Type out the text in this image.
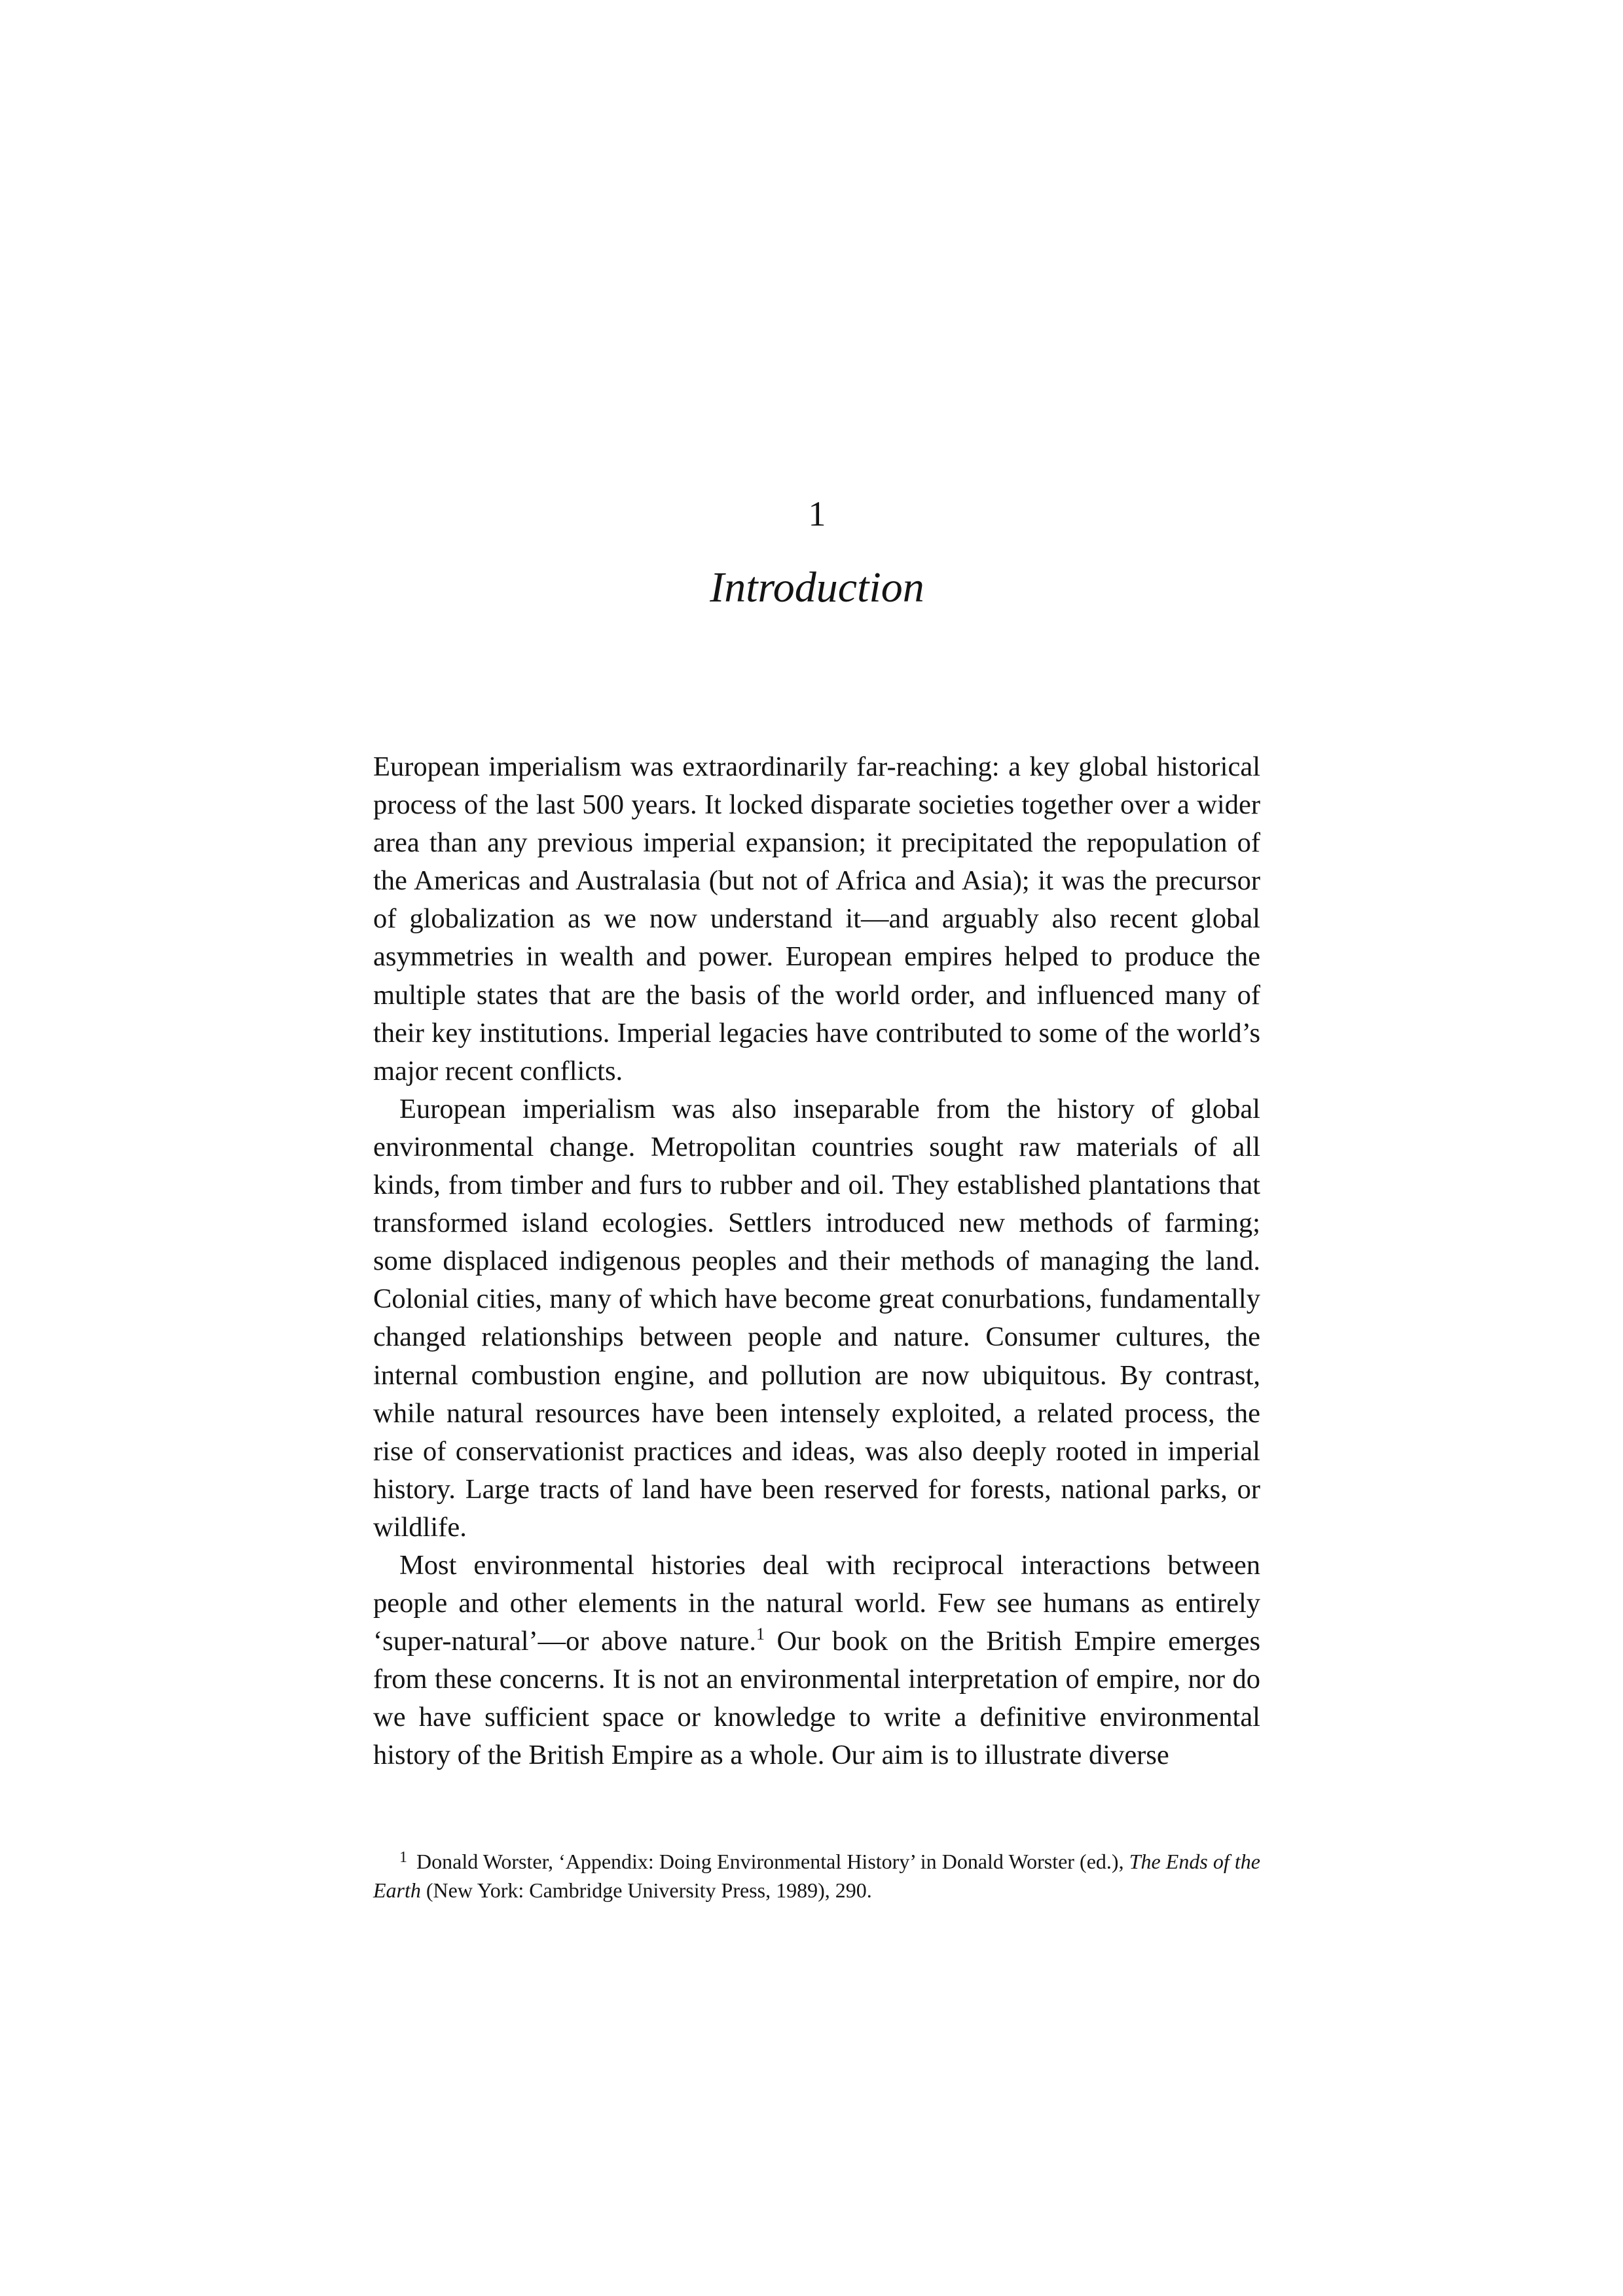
1
Introduction

European imperialism was extraordinarily far-reaching: a key global historical process of the last 500 years. It locked disparate societies together over a wider area than any previous imperial expansion; it precipitated the repopulation of the Americas and Australasia (but not of Africa and Asia); it was the precursor of globalization as we now understand it—and arguably also recent global asymmetries in wealth and power. European empires helped to produce the multiple states that are the basis of the world order, and influenced many of their key institutions. Imperial legacies have contributed to some of the world’s major recent conflicts.

European imperialism was also inseparable from the history of global environmental change. Metropolitan countries sought raw materials of all kinds, from timber and furs to rubber and oil. They established plantations that transformed island ecologies. Settlers introduced new methods of farming; some displaced indigenous peoples and their methods of managing the land. Colonial cities, many of which have become great conurbations, fundamentally changed relationships between people and nature. Consumer cultures, the internal combustion engine, and pollution are now ubiquitous. By contrast, while natural resources have been intensely exploited, a related process, the rise of conservationist practices and ideas, was also deeply rooted in imperial history. Large tracts of land have been reserved for forests, national parks, or wildlife.

Most environmental histories deal with reciprocal interactions between people and other elements in the natural world. Few see humans as entirely ‘super-natural’—or above nature.$^1$ Our book on the British Empire emerges from these concerns. It is not an environmental interpretation of empire, nor do we have sufficient space or knowledge to write a definitive environmental history of the British Empire as a whole. Our aim is to illustrate diverse

$^1$ Donald Worster, ‘Appendix: Doing Environmental History’ in Donald Worster (ed.), The Ends of the Earth (New York: Cambridge University Press, 1989), 290.
